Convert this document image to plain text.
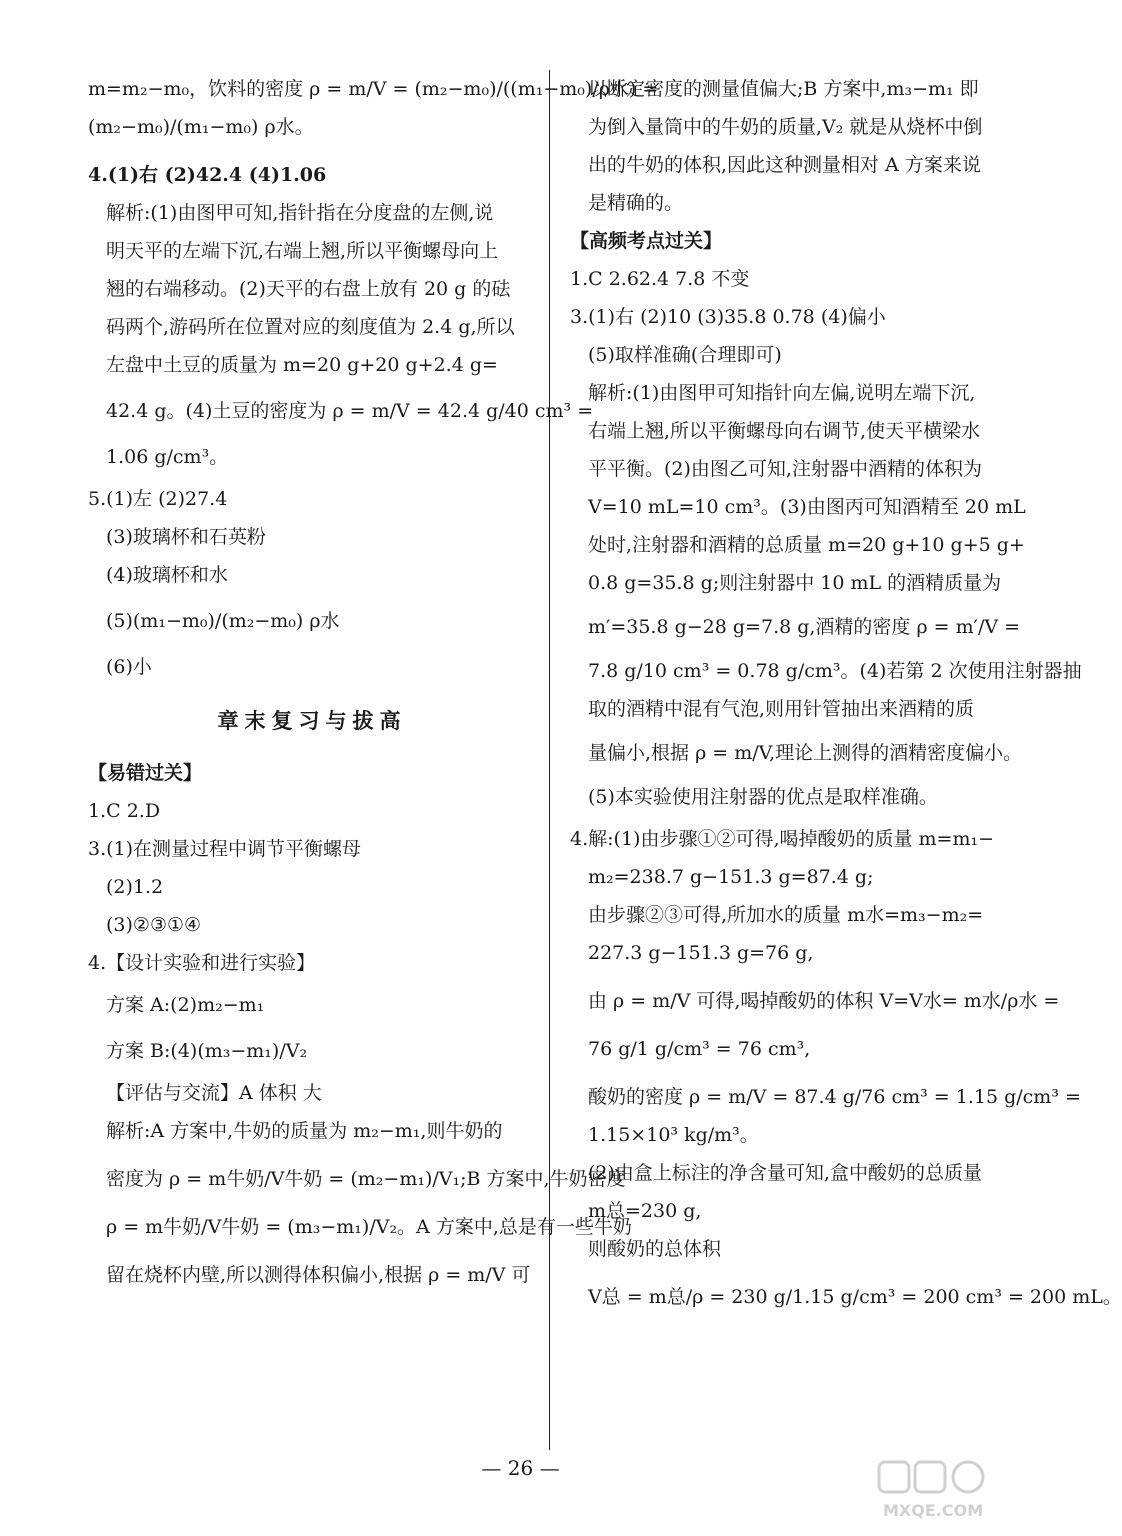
m=m₂−m₀，饮料的密度 ρ = m/V = (m₂−m₀)/((m₁−m₀)/ρ水) =
(m₂−m₀)/(m₁−m₀) ρ水。
4.(1)右 (2)42.4 (4)1.06
解析:(1)由图甲可知,指针指在分度盘的左侧,说
明天平的左端下沉,右端上翘,所以平衡螺母向上
翘的右端移动。(2)天平的右盘上放有 20 g 的砝
码两个,游码所在位置对应的刻度值为 2.4 g,所以
左盘中土豆的质量为 m=20 g+20 g+2.4 g=
42.4 g。(4)土豆的密度为 ρ = m/V = 42.4 g/40 cm³ =
1.06 g/cm³。
5.(1)左 (2)27.4
(3)玻璃杯和石英粉
(4)玻璃杯和水
(5)(m₁−m₀)/(m₂−m₀) ρ水
(6)小
章末复习与拔高
【易错过关】
1.C 2.D
3.(1)在测量过程中调节平衡螺母
(2)1.2
(3)②③①④
4.【设计实验和进行实验】
方案 A:(2)m₂−m₁
方案 B:(4)(m₃−m₁)/V₂
【评估与交流】A 体积 大
解析:A 方案中,牛奶的质量为 m₂−m₁,则牛奶的
密度为 ρ = m牛奶/V牛奶 = (m₂−m₁)/V₁;B 方案中,牛奶密度
ρ = m牛奶/V牛奶 = (m₃−m₁)/V₂。A 方案中,总是有一些牛奶
留在烧杯内壁,所以测得体积偏小,根据 ρ = m/V 可
以断定密度的测量值偏大;B 方案中,m₃−m₁ 即
为倒入量筒中的牛奶的质量,V₂ 就是从烧杯中倒
出的牛奶的体积,因此这种测量相对 A 方案来说
是精确的。
【高频考点过关】
1.C 2.62.4 7.8 不变
3.(1)右 (2)10 (3)35.8 0.78 (4)偏小
(5)取样准确(合理即可)
解析:(1)由图甲可知指针向左偏,说明左端下沉,
右端上翘,所以平衡螺母向右调节,使天平横梁水
平平衡。(2)由图乙可知,注射器中酒精的体积为
V=10 mL=10 cm³。(3)由图丙可知酒精至 20 mL
处时,注射器和酒精的总质量 m=20 g+10 g+5 g+
0.8 g=35.8 g;则注射器中 10 mL 的酒精质量为
m′=35.8 g−28 g=7.8 g,酒精的密度 ρ = m′/V =
7.8 g/10 cm³ = 0.78 g/cm³。(4)若第 2 次使用注射器抽
取的酒精中混有气泡,则用针管抽出来酒精的质
量偏小,根据 ρ = m/V,理论上测得的酒精密度偏小。
(5)本实验使用注射器的优点是取样准确。
4.解:(1)由步骤①②可得,喝掉酸奶的质量 m=m₁−
m₂=238.7 g−151.3 g=87.4 g;
由步骤②③可得,所加水的质量 m水=m₃−m₂=
227.3 g−151.3 g=76 g,
由 ρ = m/V 可得,喝掉酸奶的体积 V=V水= m水/ρ水 =
76 g/1 g/cm³ = 76 cm³,
酸奶的密度 ρ = m/V = 87.4 g/76 cm³ = 1.15 g/cm³ =
1.15×10³ kg/m³。
(2)由盒上标注的净含量可知,盒中酸奶的总质量
m总=230 g,
则酸奶的总体积
V总 = m总/ρ = 230 g/1.15 g/cm³ = 200 cm³ = 200 mL。
— 26 —
MXQE.COM
